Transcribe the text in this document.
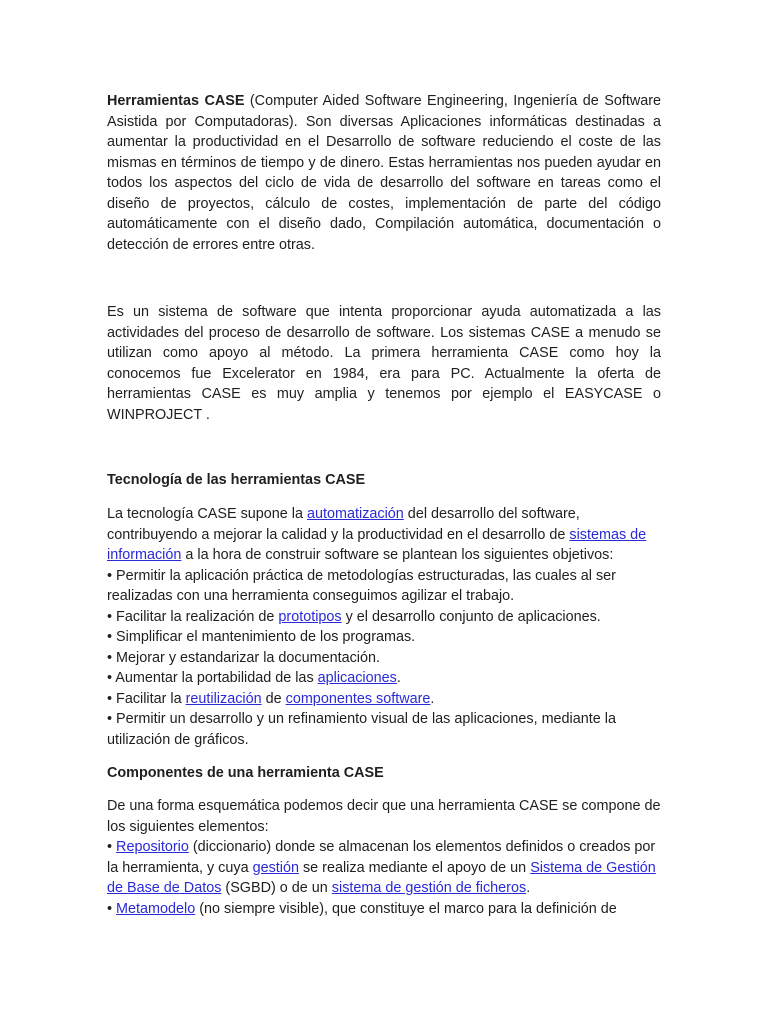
Herramientas CASE (Computer Aided Software Engineering, Ingeniería de Software Asistida por Computadoras). Son diversas Aplicaciones informáticas destinadas a aumentar la productividad en el Desarrollo de software reduciendo el coste de las mismas en términos de tiempo y de dinero. Estas herramientas nos pueden ayudar en todos los aspectos del ciclo de vida de desarrollo del software en tareas como el diseño de proyectos, cálculo de costes, implementación de parte del código automáticamente con el diseño dado, Compilación automática, documentación o detección de errores entre otras.

Es un sistema de software que intenta proporcionar ayuda automatizada a las actividades del proceso de desarrollo de software. Los sistemas CASE a menudo se utilizan como apoyo al método. La primera herramienta CASE como hoy la conocemos fue Excelerator en 1984, era para PC. Actualmente la oferta de herramientas CASE es muy amplia y tenemos por ejemplo el EASYCASE o WINPROJECT .

Tecnología de las herramientas CASE
La tecnología CASE supone la automatización del desarrollo del software, contribuyendo a mejorar la calidad y la productividad en el desarrollo de sistemas de información a la hora de construir software se plantean los siguientes objetivos:
• Permitir la aplicación práctica de metodologías estructuradas, las cuales al ser realizadas con una herramienta conseguimos agilizar el trabajo.
• Facilitar la realización de prototipos y el desarrollo conjunto de aplicaciones.
• Simplificar el mantenimiento de los programas.
• Mejorar y estandarizar la documentación.
• Aumentar la portabilidad de las aplicaciones.
• Facilitar la reutilización de componentes software.
• Permitir un desarrollo y un refinamiento visual de las aplicaciones, mediante la utilización de gráficos.
Componentes de una herramienta CASE
De una forma esquemática podemos decir que una herramienta CASE se compone de los siguientes elementos:
• Repositorio (diccionario) donde se almacenan los elementos definidos o creados por la herramienta, y cuya gestión se realiza mediante el apoyo de un Sistema de Gestión de Base de Datos (SGBD) o de un sistema de gestión de ficheros.
• Metamodelo (no siempre visible), que constituye el marco para la definición de
